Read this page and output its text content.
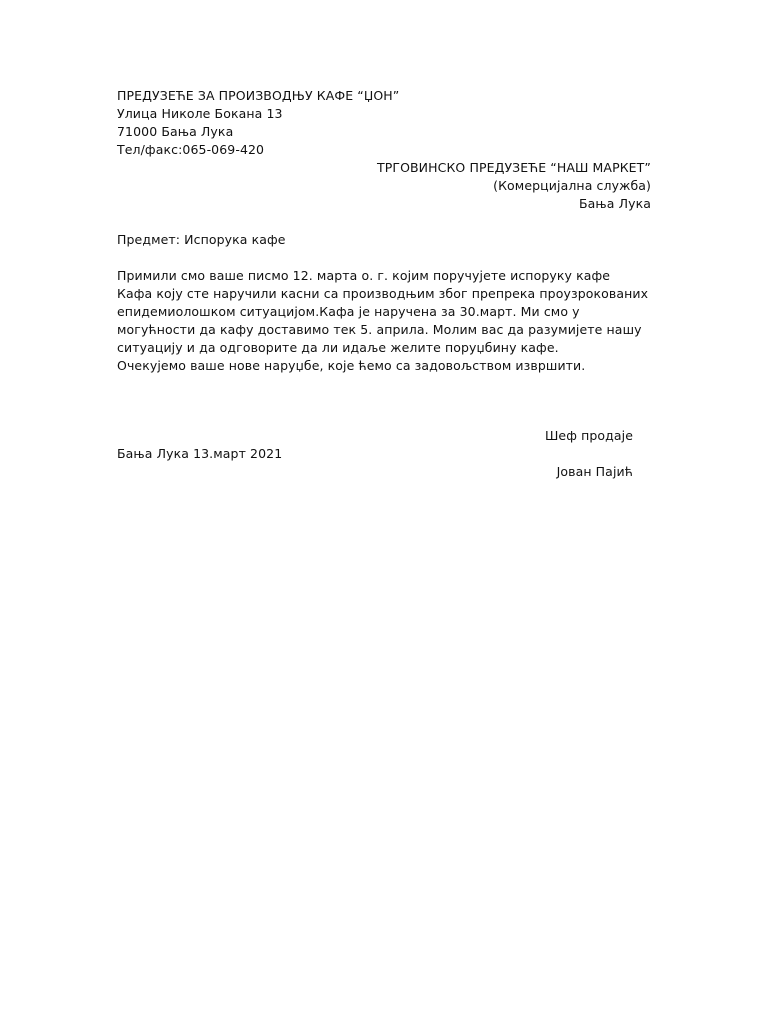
ПРЕДУЗЕЋЕ ЗА ПРОИЗВОДЊУ КАФЕ “ЏОН”
Улица Николе Бокана 13
71000 Бања Лука
Тел/факс:065-069-420
ТРГОВИНСКО ПРЕДУЗЕЋЕ “НАШ МАРКЕТ”
(Комерцијална служба)
Бања Лука
Предмет: Испорука кафе
Примили смо ваше писмо 12. марта о. г. којим поручујете испоруку кафе
Кафа коју сте наручили касни са производњим због препрека проузрокованих
епидемиолошком ситуацијом.Кафа је наручена за 30.март. Ми смо у
могућности да кафу доставимо тек 5. априла. Молим вас да разумијете нашу
ситуацију и да одговорите да ли идаље желите поруџбину кафе.
Очекујемо ваше нове наруџбе, које ћемо са задовољством извршити.
Шеф продаје
Бања Лука 13.март 2021
Јован Пајић
